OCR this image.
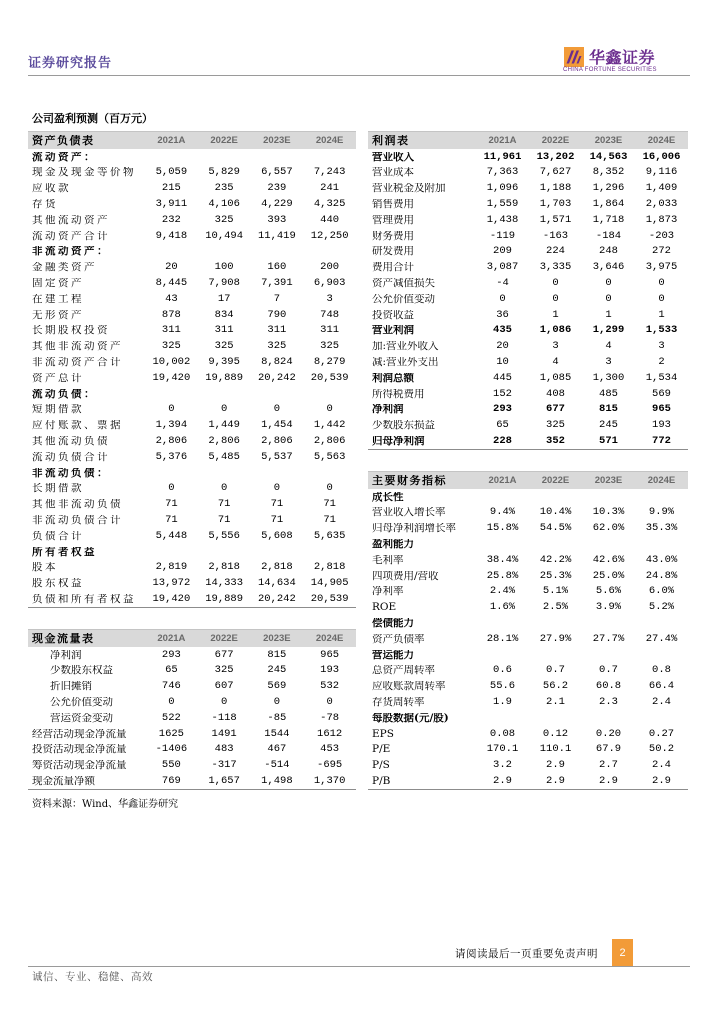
证券研究报告	华鑫证券
CHINA FORTUNE SECURITIES
公司盈利预测（百万元）
资产负债表	2021A	2022E	2023E	2024E
流动资产：
现金及现金等价物	5,059	5,829	6,557	7,243
应收款	215	235	239	241
存货	3,911	4,106	4,229	4,325
其他流动资产	232	325	393	440
流动资产合计	9,418	10,494	11,419	12,250
非流动资产：
金融类资产	20	100	160	200
固定资产	8,445	7,908	7,391	6,903
在建工程	43	17	7	3
无形资产	878	834	790	748
长期股权投资	311	311	311	311
其他非流动资产	325	325	325	325
非流动资产合计	10,002	9,395	8,824	8,279
资产总计	19,420	19,889	20,242	20,539
流动负债：
短期借款	0	0	0	0
应付账款、票据	1,394	1,449	1,454	1,442
其他流动负债	2,806	2,806	2,806	2,806
流动负债合计	5,376	5,485	5,537	5,563
非流动负债：
长期借款	0	0	0	0
其他非流动负债	71	71	71	71
非流动负债合计	71	71	71	71
负债合计	5,448	5,556	5,608	5,635
所有者权益
股本	2,819	2,818	2,818	2,818
股东权益	13,972	14,333	14,634	14,905
负债和所有者权益	19,420	19,889	20,242	20,539
利润表	2021A	2022E	2023E	2024E
营业收入	11,961	13,202	14,563	16,006
营业成本	7,363	7,627	8,352	9,116
营业税金及附加	1,096	1,188	1,296	1,409
销售费用	1,559	1,703	1,864	2,033
管理费用	1,438	1,571	1,718	1,873
财务费用	-119	-163	-184	-203
研发费用	209	224	248	272
费用合计	3,087	3,335	3,646	3,975
资产减值损失	-4	0	0	0
公允价值变动	0	0	0	0
投资收益	36	1	1	1
营业利润	435	1,086	1,299	1,533
加:营业外收入	20	3	4	3
减:营业外支出	10	4	3	2
利润总额	445	1,085	1,300	1,534
所得税费用	152	408	485	569
净利润	293	677	815	965
少数股东损益	65	325	245	193
归母净利润	228	352	571	772
主要财务指标	2021A	2022E	2023E	2024E
成长性
营业收入增长率	9.4%	10.4%	10.3%	9.9%
归母净利润增长率	15.8%	54.5%	62.0%	35.3%
盈利能力
毛利率	38.4%	42.2%	42.6%	43.0%
四项费用/营收	25.8%	25.3%	25.0%	24.8%
净利率	2.4%	5.1%	5.6%	6.0%
ROE	1.6%	2.5%	3.9%	5.2%
偿债能力
资产负债率	28.1%	27.9%	27.7%	27.4%
营运能力
总资产周转率	0.6	0.7	0.7	0.8
应收账款周转率	55.6	56.2	60.8	66.4
存货周转率	1.9	2.1	2.3	2.4
每股数据(元/股)
EPS	0.08	0.12	0.20	0.27
P/E	170.1	110.1	67.9	50.2
P/S	3.2	2.9	2.7	2.4
P/B	2.9	2.9	2.9	2.9
现金流量表	2021A	2022E	2023E	2024E
净利润	293	677	815	965
少数股东权益	65	325	245	193
折旧摊销	746	607	569	532
公允价值变动	0	0	0	0
营运资金变动	522	-118	-85	-78
经营活动现金净流量	1625	1491	1544	1612
投资活动现金净流量	-1406	483	467	453
筹资活动现金净流量	550	-317	-514	-695
现金流量净额	769	1,657	1,498	1,370
资料来源：Wind、华鑫证券研究
请阅读最后一页重要免责声明 2
诚信、专业、稳健、高效
